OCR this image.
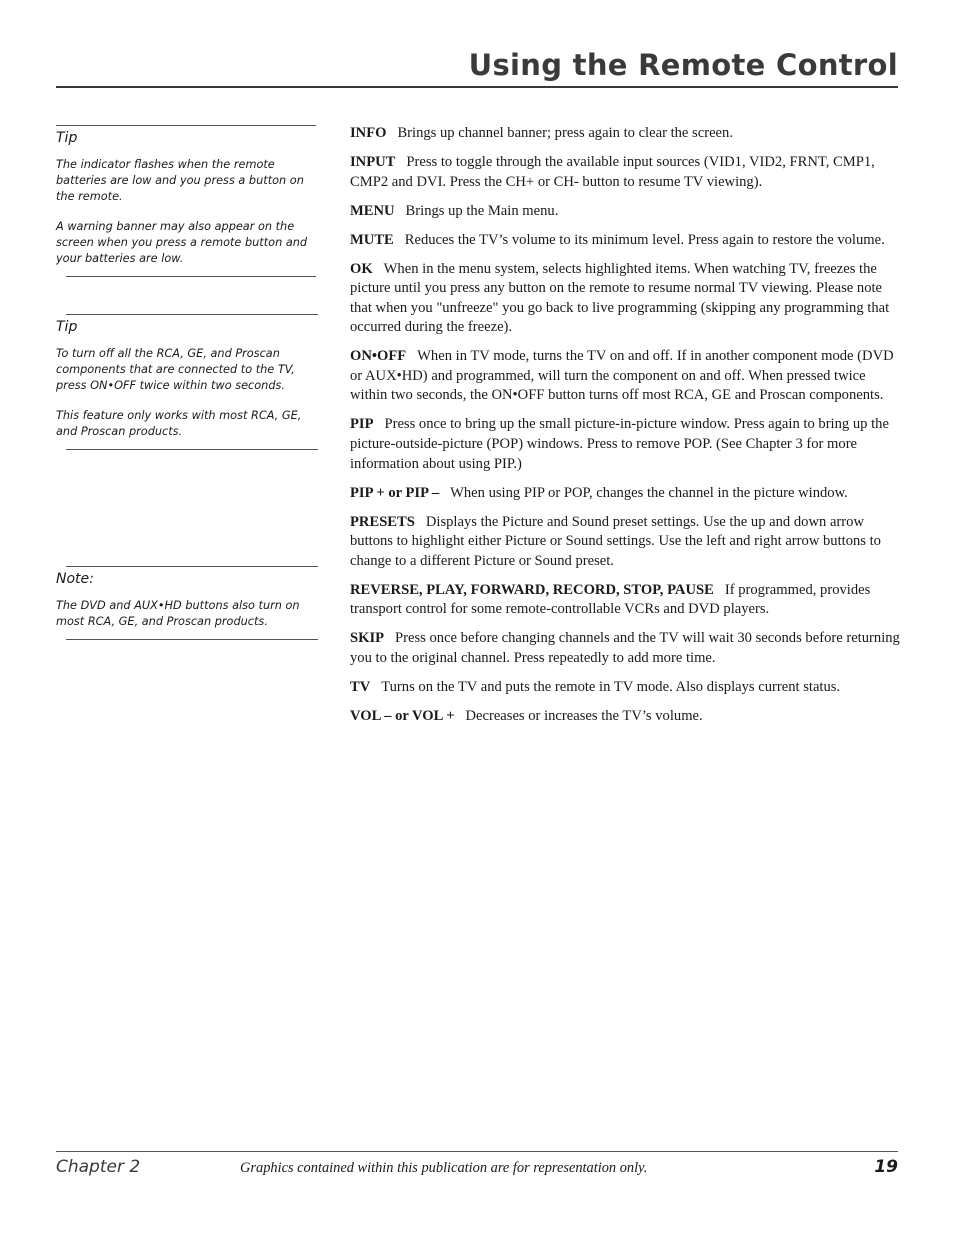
Using the Remote Control
Tip

The indicator flashes when the remote batteries are low and you press a button on the remote.

A warning banner may also appear on the screen when you press a remote button and your batteries are low.

Tip

To turn off all the RCA, GE, and Proscan components that are connected to the TV, press ON•OFF twice within two seconds.

This feature only works with most RCA, GE, and Proscan products.

Note:

The DVD and AUX•HD buttons also turn on most RCA, GE, and Proscan products.

INFO Brings up channel banner; press again to clear the screen.

INPUT Press to toggle through the available input sources (VID1, VID2, FRNT, CMP1, CMP2 and DVI. Press the CH+ or CH- button to resume TV viewing).

MENU Brings up the Main menu.

MUTE Reduces the TV’s volume to its minimum level. Press again to restore the volume.

OK When in the menu system, selects highlighted items. When watching TV, freezes the picture until you press any button on the remote to resume normal TV viewing. Please note that when you "unfreeze" you go back to live programming (skipping any programming that occurred during the freeze).

ON•OFF When in TV mode, turns the TV on and off. If in another component mode (DVD or AUX•HD) and programmed, will turn the component on and off. When pressed twice within two seconds, the ON•OFF button turns off most RCA, GE and Proscan components.

PIP Press once to bring up the small picture-in-picture window. Press again to bring up the picture-outside-picture (POP) windows. Press to remove POP. (See Chapter 3 for more information about using PIP.)

PIP + or PIP – When using PIP or POP, changes the channel in the picture window.

PRESETS Displays the Picture and Sound preset settings. Use the up and down arrow buttons to highlight either Picture or Sound settings. Use the left and right arrow buttons to change to a different Picture or Sound preset.

REVERSE, PLAY, FORWARD, RECORD, STOP, PAUSE If programmed, provides transport control for some remote-controllable VCRs and DVD players.

SKIP Press once before changing channels and the TV will wait 30 seconds before returning you to the original channel. Press repeatedly to add more time.

TV Turns on the TV and puts the remote in TV mode. Also displays current status.

VOL – or VOL + Decreases or increases the TV’s volume.

Chapter 2	Graphics contained within this publication are for representation only.	19
